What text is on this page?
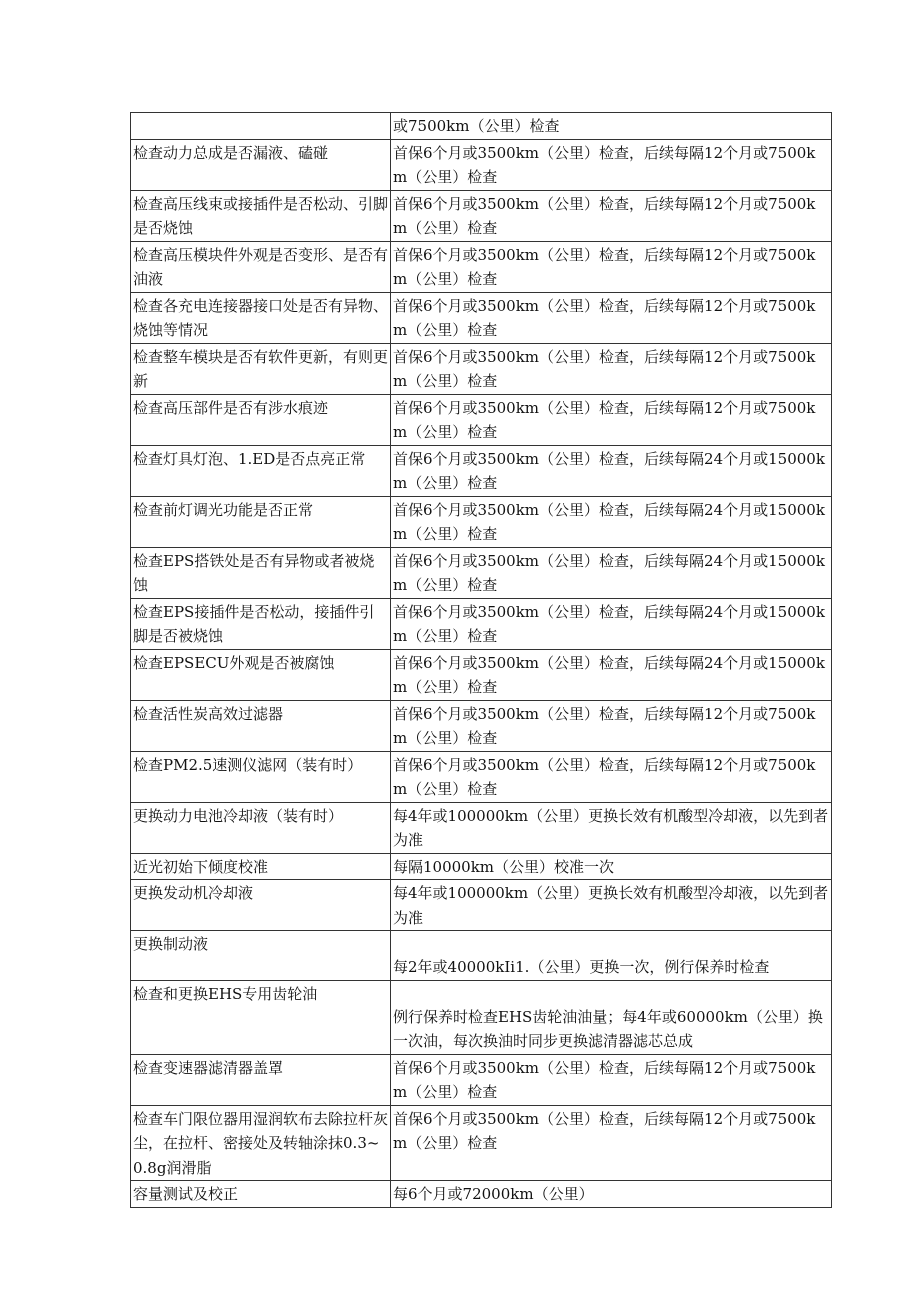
	或7500km（公里）检查
检查动力总成是否漏液、磕碰	首保6个月或3500km（公里）检查，后续每隔12个月或7500km（公里）检查
检查高压线束或接插件是否松动、引脚是否烧蚀	首保6个月或3500km（公里）检查，后续每隔12个月或7500km（公里）检查
检查高压模块件外观是否变形、是否有油液	首保6个月或3500km（公里）检查，后续每隔12个月或7500km（公里）检查
检查各充电连接器接口处是否有异物、烧蚀等情况	首保6个月或3500km（公里）检查，后续每隔12个月或7500km（公里）检查
检查整车模块是否有软件更新，有则更新	首保6个月或3500km（公里）检查，后续每隔12个月或7500km（公里）检查
检查高压部件是否有涉水痕迹	首保6个月或3500km（公里）检查，后续每隔12个月或7500km（公里）检查
检查灯具灯泡、1.ED是否点亮正常	首保6个月或3500km（公里）检查，后续每隔24个月或15000km（公里）检查
检查前灯调光功能是否正常	首保6个月或3500km（公里）检查，后续每隔24个月或15000km（公里）检查
检查EPS搭铁处是否有异物或者被烧蚀	首保6个月或3500km（公里）检查，后续每隔24个月或15000km（公里）检查
检查EPS接插件是否松动，接插件引脚是否被烧蚀	首保6个月或3500km（公里）检查，后续每隔24个月或15000km（公里）检查
检查EPSECU外观是否被腐蚀	首保6个月或3500km（公里）检查，后续每隔24个月或15000km（公里）检查
检查活性炭高效过滤器	首保6个月或3500km（公里）检查，后续每隔12个月或7500km（公里）检查
检查PM2.5速测仪滤网（装有时）	首保6个月或3500km（公里）检查，后续每隔12个月或7500km（公里）检查
更换动力电池冷却液（装有时）	每4年或100000km（公里）更换长效有机酸型冷却液，以先到者为准
近光初始下倾度校准	每隔10000km（公里）校准一次
更换发动机冷却液	每4年或100000km（公里）更换长效有机酸型冷却液，以先到者为准
更换制动液	每2年或40000kIi1.（公里）更换一次，例行保养时检查
检查和更换EHS专用齿轮油	例行保养时检查EHS齿轮油油量；每4年或60000km（公里）换一次油，每次换油时同步更换滤清器滤芯总成
检查变速器滤清器盖罩	首保6个月或3500km（公里）检查，后续每隔12个月或7500km（公里）检查
检查车门限位器用湿润软布去除拉杆灰尘，在拉杆、密接处及转轴涂抹0.3~0.8g润滑脂	首保6个月或3500km（公里）检查，后续每隔12个月或7500km（公里）检查
容量测试及校正	每6个月或72000km（公里）
